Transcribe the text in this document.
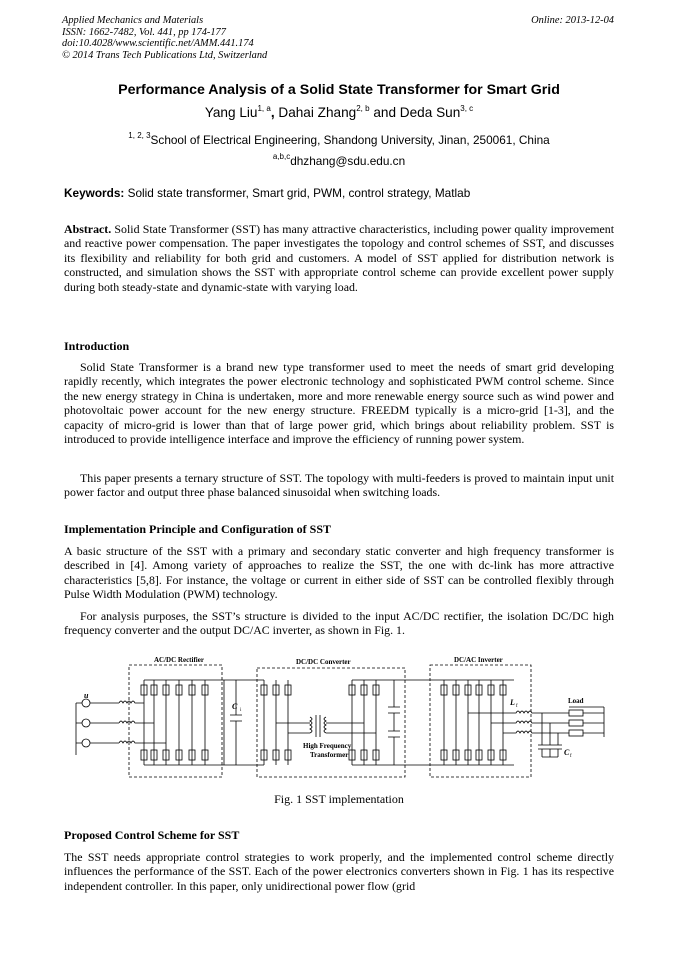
Applied Mechanics and Materials
ISSN: 1662-7482, Vol. 441, pp 174-177
doi:10.4028/www.scientific.net/AMM.441.174
© 2014 Trans Tech Publications Ltd, Switzerland
Online: 2013-12-04
Performance Analysis of a Solid State Transformer for Smart Grid
Yang Liu$^{1, a}$, Dahai Zhang$^{2, b}$ and Deda Sun$^{3, c}$
$^{1, 2, 3}$School of Electrical Engineering, Shandong University, Jinan, 250061, China
$^{a,b,c}$dhzhang@sdu.edu.cn
Keywords: Solid state transformer, Smart grid, PWM, control strategy, Matlab

Abstract. Solid State Transformer (SST) has many attractive characteristics, including power quality improvement and reactive power compensation. The paper investigates the topology and control schemes of SST, and discusses its flexibility and reliability for both grid and customers. A model of SST applied for distribution network is constructed, and simulation shows the SST with appropriate control scheme can provide excellent power supply during both steady-state and dynamic-state with varying load.

Introduction

Solid State Transformer is a brand new type transformer used to meet the needs of smart grid developing rapidly recently, which integrates the power electronic technology and sophisticated PWM control scheme. Since the new energy strategy in China is undertaken, more and more renewable energy source such as wind power and photovoltaic power account for the new energy structure. FREEDM typically is a micro-grid [1-3], and the capacity of micro-grid is lower than that of large power grid, which brings about reliability problem. SST is introduced to provide intelligence interface and improve the efficiency of running power system.

This paper presents a ternary structure of SST. The topology with multi-feeders is proved to maintain input unit power factor and output three phase balanced sinusoidal when switching loads.

Implementation Principle and Configuration of SST

A basic structure of the SST with a primary and secondary static converter and high frequency transformer is described in [4]. Among variety of approaches to realize the SST, the one with dc-link has more attractive characteristics [5,8]. For instance, the voltage or current in either side of SST can be controlled flexibly through Pulse Width Modulation (PWM) technology.

For analysis purposes, the SST’s structure is divided to the input AC/DC rectifier, the isolation DC/DC high frequency converter and the output DC/AC inverter, as shown in Fig. 1.

AC/DC Rectifier	DC/DC Converter	DC/AC Inverter
u
C i
High Frequency
Transformer
L f
C f
Load
Fig. 1 SST implementation
Proposed Control Scheme for SST

The SST needs appropriate control strategies to work properly, and the implemented control scheme directly influences the performance of the SST. Each of the power electronics converters shown in Fig. 1 has its respective independent controller. In this paper, only unidirectional power flow (grid
